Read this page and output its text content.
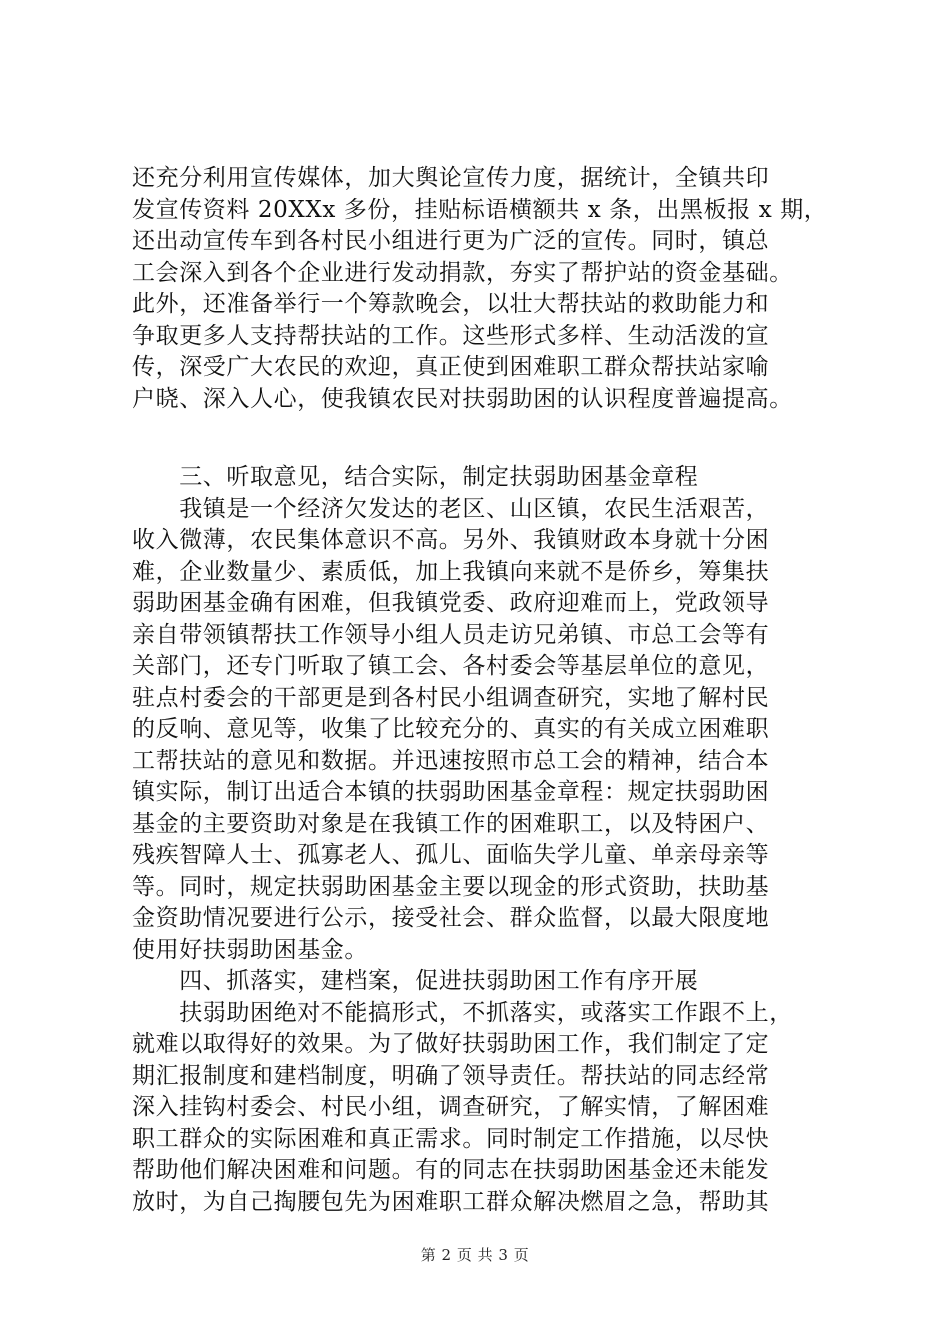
还充分利用宣传媒体，加大舆论宣传力度，据统计，全镇共印
发宣传资料 20XXx 多份，挂贴标语横额共 x 条，出黑板报 x 期，
还出动宣传车到各村民小组进行更为广泛的宣传。同时，镇总
工会深入到各个企业进行发动捐款，夯实了帮护站的资金基础。
此外，还准备举行一个筹款晚会，以壮大帮扶站的救助能力和
争取更多人支持帮扶站的工作。这些形式多样、生动活泼的宣
传，深受广大农民的欢迎，真正使到困难职工群众帮扶站家喻
户晓、深入人心，使我镇农民对扶弱助困的认识程度普遍提高。
　　三、听取意见，结合实际，制定扶弱助困基金章程
　　我镇是一个经济欠发达的老区、山区镇，农民生活艰苦，
收入微薄，农民集体意识不高。另外、我镇财政本身就十分困
难，企业数量少、素质低，加上我镇向来就不是侨乡，筹集扶
弱助困基金确有困难，但我镇党委、政府迎难而上，党政领导
亲自带领镇帮扶工作领导小组人员走访兄弟镇、市总工会等有
关部门，还专门听取了镇工会、各村委会等基层单位的意见，
驻点村委会的干部更是到各村民小组调查研究，实地了解村民
的反响、意见等，收集了比较充分的、真实的有关成立困难职
工帮扶站的意见和数据。并迅速按照市总工会的精神，结合本
镇实际，制订出适合本镇的扶弱助困基金章程：规定扶弱助困
基金的主要资助对象是在我镇工作的困难职工，以及特困户、
残疾智障人士、孤寡老人、孤儿、面临失学儿童、单亲母亲等
等。同时，规定扶弱助困基金主要以现金的形式资助，扶助基
金资助情况要进行公示，接受社会、群众监督，以最大限度地
使用好扶弱助困基金。
　　四、抓落实，建档案，促进扶弱助困工作有序开展
　　扶弱助困绝对不能搞形式，不抓落实，或落实工作跟不上，
就难以取得好的效果。为了做好扶弱助困工作，我们制定了定
期汇报制度和建档制度，明确了领导责任。帮扶站的同志经常
深入挂钩村委会、村民小组，调查研究，了解实情，了解困难
职工群众的实际困难和真正需求。同时制定工作措施，以尽快
帮助他们解决困难和问题。有的同志在扶弱助困基金还未能发
放时，为自己掏腰包先为困难职工群众解决燃眉之急，帮助其
第 2 页 共 3 页
